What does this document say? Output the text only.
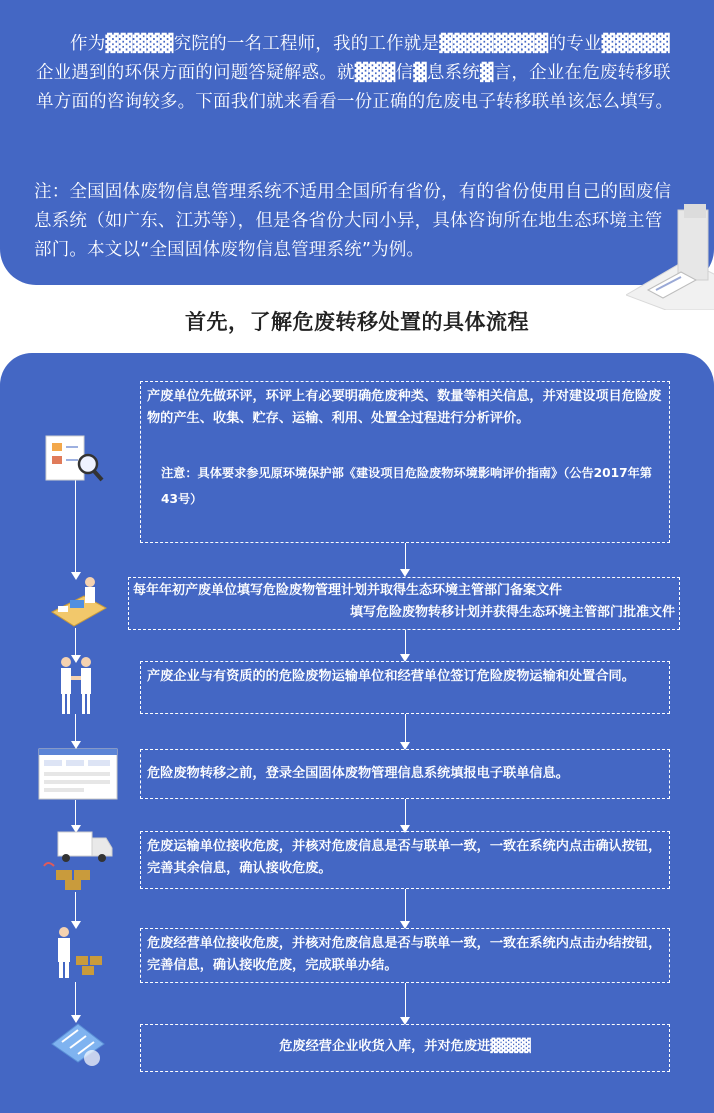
作为▓▓▓▓▓究院的一名工程师，我的工作就是▓▓▓▓▓▓▓▓的专业▓▓▓▓▓企业遇到的环保方面的问题答疑解惑。就▓▓▓信▓息系统▓言，企业在危废转移联单方面的咨询较多。下面我们就来看看一份正确的危废电子转移联单该怎么填写。

注：全国固体废物信息管理系统不适用全国所有省份，有的省份使用自己的固废信息系统（如广东、江苏等），但是各省份大同小异，具体咨询所在地生态环境主管部门。本文以“全国固体废物信息管理系统”为例。

首先，了解危废转移处置的具体流程
产废单位先做环评，环评上有必要明确危废种类、数量等相关信息，并对建设项目危险废物的产生、收集、贮存、运输、利用、处置全过程进行分析评价。
注意：具体要求参见原环境保护部《建设项目危险废物环境影响评价指南》（公告2017年第43号）
每年年初产废单位填写危险废物管理计划并取得生态环境主管部门备案文件
填写危险废物转移计划并获得生态环境主管部门批准文件
产废企业与有资质的的危险废物运输单位和经营单位签订危险废物运输和处置合同。
危险废物转移之前，登录全国固体废物管理信息系统填报电子联单信息。
危废运输单位接收危废，并核对危废信息是否与联单一致，一致在系统内点击确认按钮，完善其余信息，确认接收危废。
危废经营单位接收危废，并核对危废信息是否与联单一致，一致在系统内点击办结按钮，完善信息，确认接收危废，完成联单办结。
危废经营企业收货入库，并对危废进▓▓▓▓
